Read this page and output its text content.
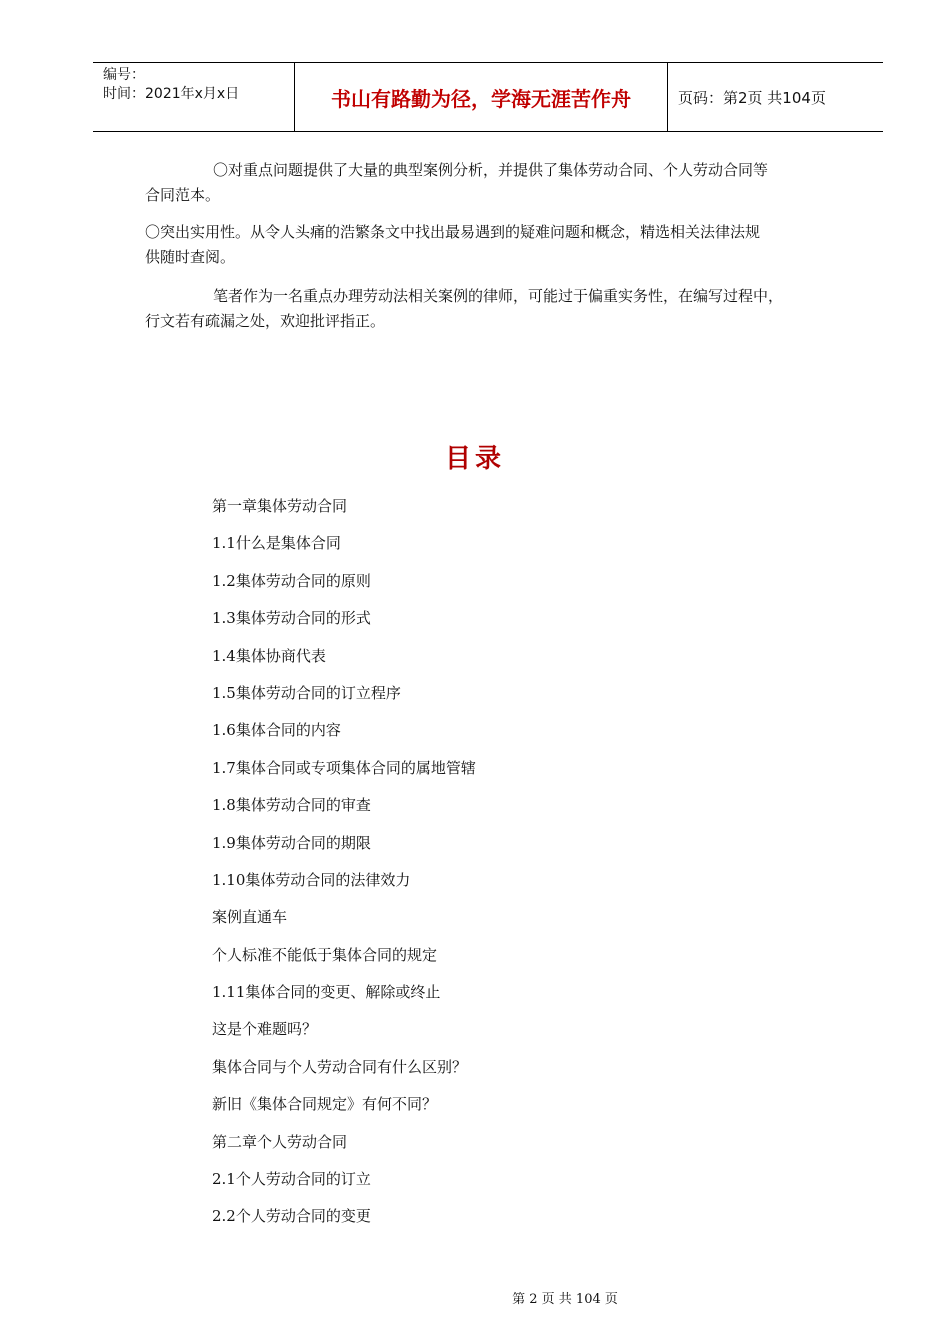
编号：
时间：2021年x月x日	书山有路勤为径，学海无涯苦作舟	页码：第2页 共104页
〇对重点问题提供了大量的典型案例分析，并提供了集体劳动合同、个人劳动合同等
合同范本。
〇突出实用性。从令人头痛的浩繁条文中找出最易遇到的疑难问题和概念，精选相关法律法规
供随时查阅。
笔者作为一名重点办理劳动法相关案例的律师，可能过于偏重实务性，在编写过程中，
行文若有疏漏之处，欢迎批评指正。
目录
第一章集体劳动合同
1.1什么是集体合同
1.2集体劳动合同的原则
1.3集体劳动合同的形式
1.4集体协商代表
1.5集体劳动合同的订立程序
1.6集体合同的内容
1.7集体合同或专项集体合同的属地管辖
1.8集体劳动合同的审查
1.9集体劳动合同的期限
1.10集体劳动合同的法律效力
案例直通车
个人标准不能低于集体合同的规定
1.11集体合同的变更、解除或终止
这是个难题吗？
集体合同与个人劳动合同有什么区别？
新旧《集体合同规定》有何不同？
第二章个人劳动合同
2.1个人劳动合同的订立
2.2个人劳动合同的变更
第 2 页 共 104 页
